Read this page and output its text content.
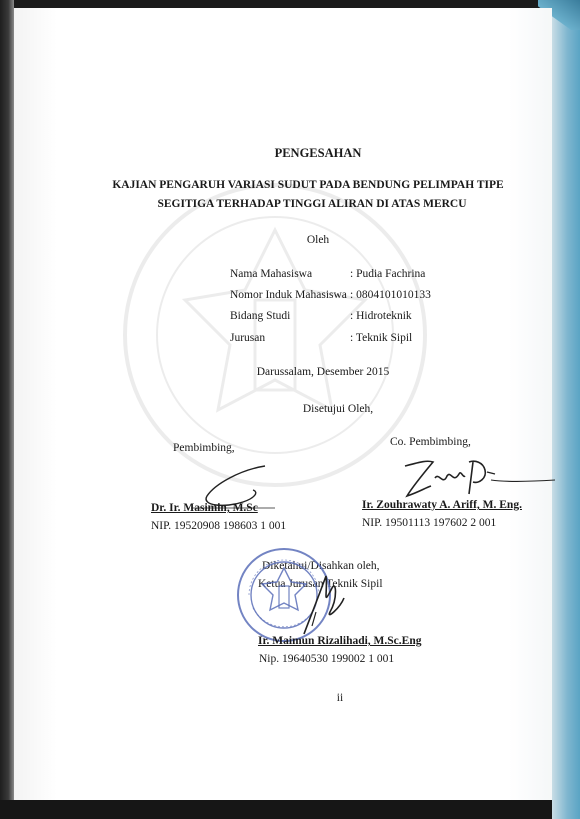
PENGESAHAN
KAJIAN PENGARUH VARIASI SUDUT PADA BENDUNG PELIMPAH TIPE
SEGITIGA TERHADAP TINGGI ALIRAN DI ATAS MERCU
Oleh
Nama Mahasiswa	: Pudia Fachrina
Nomor Induk Mahasiswa : 0804101010133
Bidang Studi	: Hidroteknik
Jurusan	: Teknik Sipil
Darussalam, Desember 2015
Disetujui Oleh,
Pembimbing,	Co. Pembimbing,
Dr. Ir. Masimin, M.Sc
NIP. 19520908 198603 1 001
Ir. Zouhrawaty A. Ariff, M. Eng.
NIP. 19501113 197602 2 001
Diketahui/Disahkan oleh,
Ketua Jurusan Teknik Sipil
Ir. Maimun Rizalihadi, M.Sc.Eng
Nip. 19640530 199002 1 001
ii
